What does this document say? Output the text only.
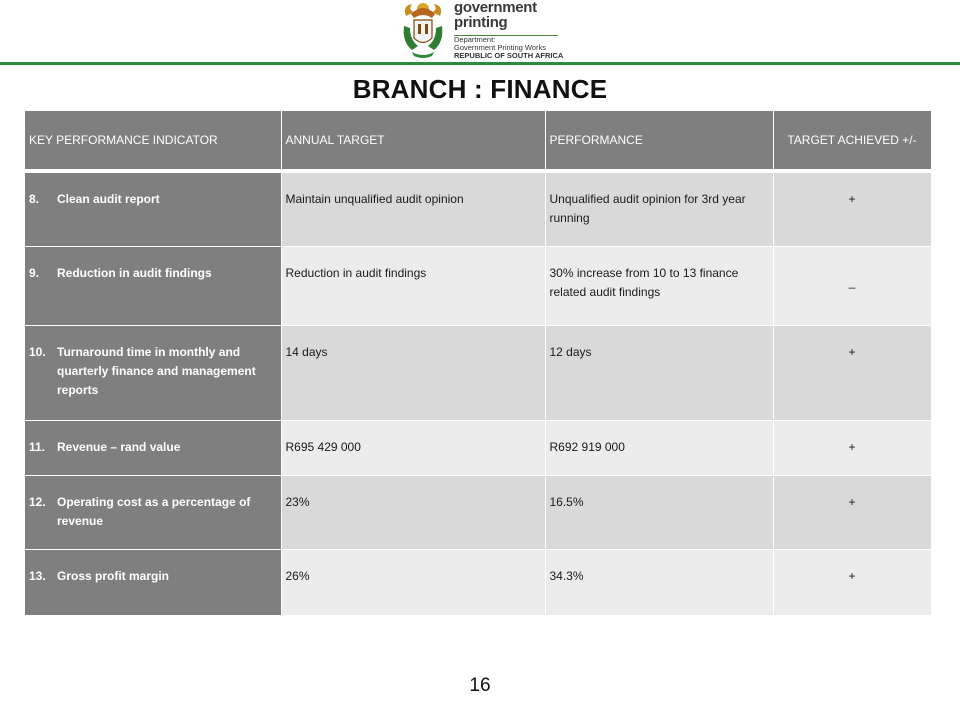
government
printing
Department:
Government Printing Works
REPUBLIC OF SOUTH AFRICA
BRANCH : FINANCE
KEY PERFORMANCE INDICATOR	ANNUAL TARGET	PERFORMANCE	TARGET ACHIEVED +/-

8. Clean audit report	Maintain unqualified audit opinion	Unqualified audit opinion for 3rd year running	+

9. Reduction in audit findings	Reduction in audit findings	30% increase from 10 to 13 finance related audit findings	_

10. Turnaround time in monthly and quarterly finance and management reports	14 days	12 days	+

11. Revenue – rand value	R695 429 000	R692 919 000	+

12. Operating cost as a percentage of revenue	23%	16.5%	+

13. Gross profit margin	26%	34.3%	+
16
